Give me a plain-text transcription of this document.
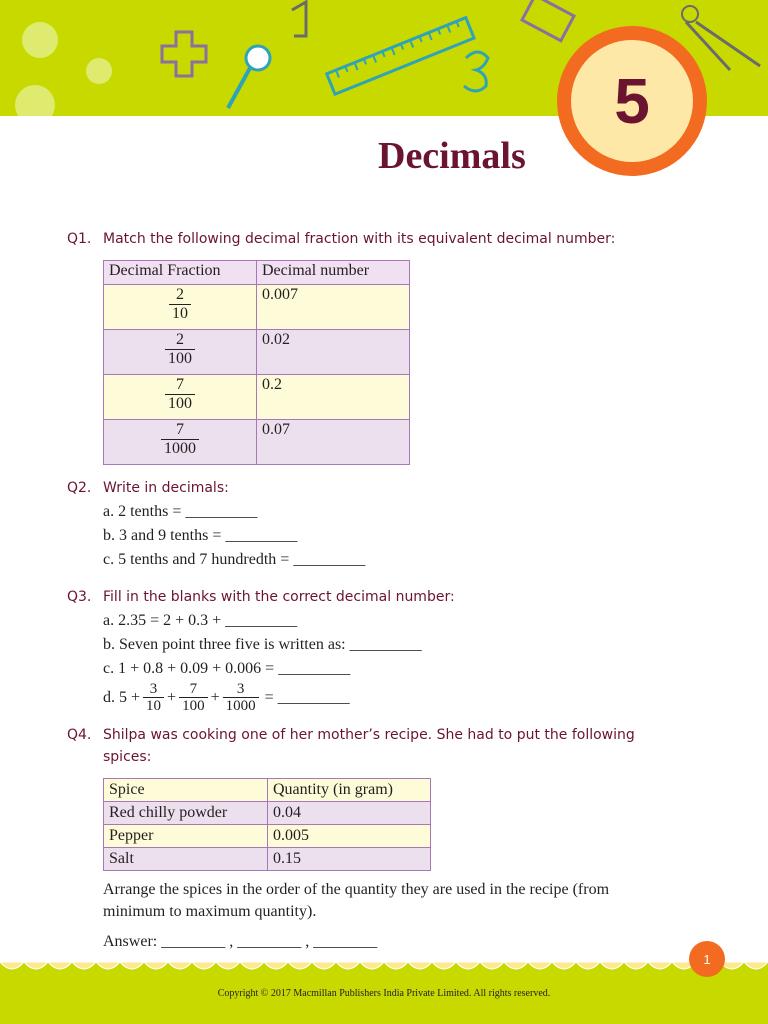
5
Decimals
Q1. Match the following decimal fraction with its equivalent decimal number:
Decimal Fraction	Decimal number

$\frac{2}{10}$	0.007

$\frac{2}{100}$	0.02

$\frac{7}{100}$	0.2

$\frac{7}{1000}$	0.07
Q2. Write in decimals:
a. 2 tenths = _________
b. 3 and 9 tenths = _________
c. 5 tenths and 7 hundredth = _________
Q3. Fill in the blanks with the correct decimal number:
a. 2.35 = 2 + 0.3 + _________
b. Seven point three five is written as: _________
c. 1 + 0.8 + 0.09 + 0.006 = _________
d. $5 + \frac{3}{10} + \frac{7}{100} + \frac{3}{1000}$ = _________
Q4. Shilpa was cooking one of her mother’s recipe. She had to put the following
spices:
Spice	Quantity (in gram)
Red chilly powder	0.04
Pepper	0.005
Salt	0.15
Arrange the spices in the order of the quantity they are used in the recipe (from
minimum to maximum quantity).
Answer: ________ , ________ , ________
1
Copyright © 2017 Macmillan Publishers India Private Limited. All rights reserved.
